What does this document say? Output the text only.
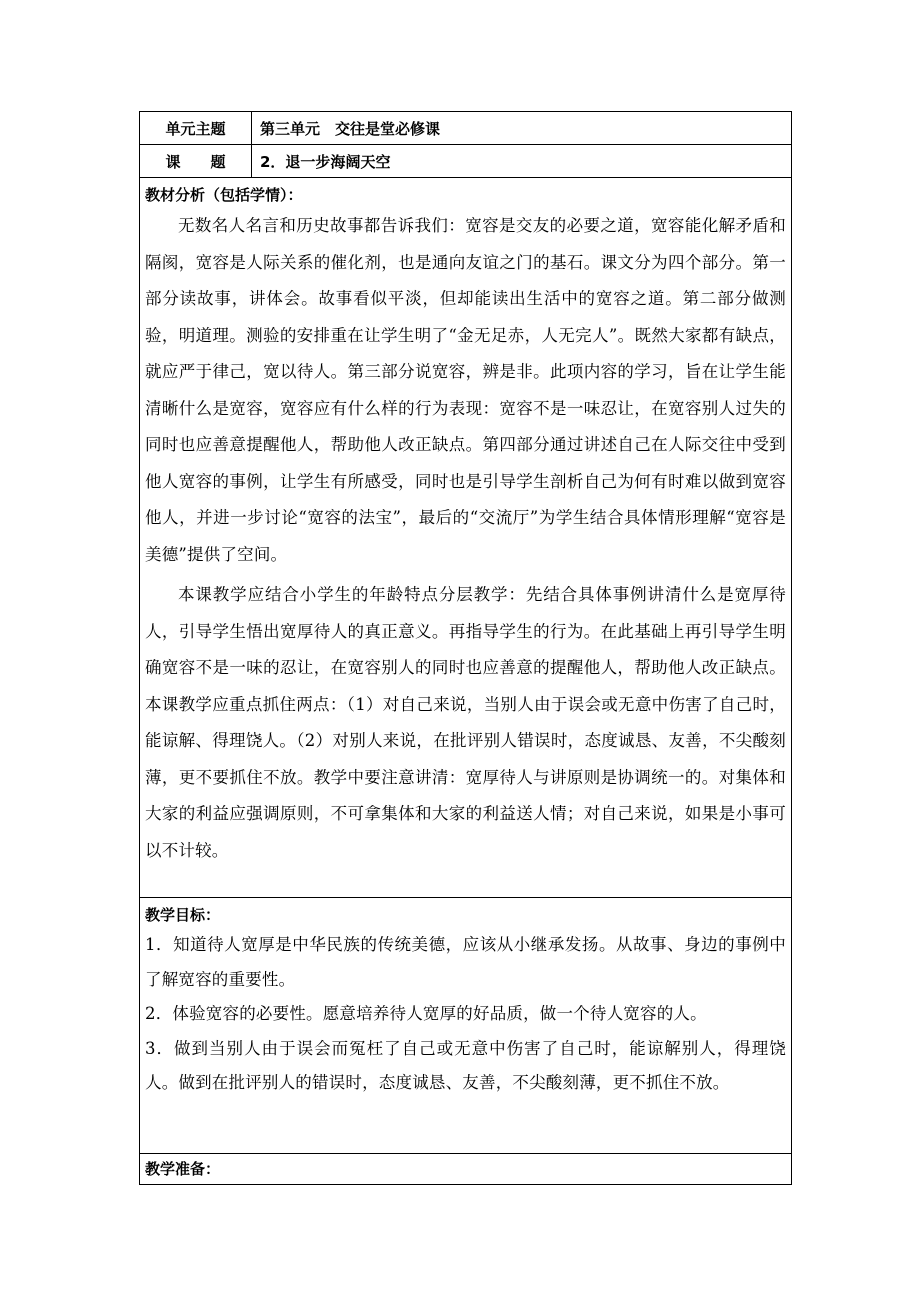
单元主题	第三单元　交往是堂必修课
课　　题	2．退一步海阔天空
教材分析（包括学情）：

无数名人名言和历史故事都告诉我们：宽容是交友的必要之道，宽容能化解矛盾和隔阂，宽容是人际关系的催化剂，也是通向友谊之门的基石。课文分为四个部分。第一部分读故事，讲体会。故事看似平淡，但却能读出生活中的宽容之道。第二部分做测验，明道理。测验的安排重在让学生明了“金无足赤，人无完人”。既然大家都有缺点，就应严于律己，宽以待人。第三部分说宽容，辨是非。此项内容的学习，旨在让学生能清晰什么是宽容，宽容应有什么样的行为表现：宽容不是一味忍让，在宽容别人过失的同时也应善意提醒他人，帮助他人改正缺点。第四部分通过讲述自己在人际交往中受到他人宽容的事例，让学生有所感受，同时也是引导学生剖析自己为何有时难以做到宽容他人，并进一步讨论“宽容的法宝”，最后的“交流厅”为学生结合具体情形理解“宽容是美德”提供了空间。

本课教学应结合小学生的年龄特点分层教学：先结合具体事例讲清什么是宽厚待人，引导学生悟出宽厚待人的真正意义。再指导学生的行为。在此基础上再引导学生明确宽容不是一味的忍让，在宽容别人的同时也应善意的提醒他人，帮助他人改正缺点。本课教学应重点抓住两点：（1）对自己来说，当别人由于误会或无意中伤害了自己时，能谅解、得理饶人。（2）对别人来说，在批评别人错误时，态度诚恳、友善，不尖酸刻薄，更不要抓住不放。教学中要注意讲清：宽厚待人与讲原则是协调统一的。对集体和大家的利益应强调原则，不可拿集体和大家的利益送人情；对自己来说，如果是小事可以不计较。

教学目标：

1．知道待人宽厚是中华民族的传统美德，应该从小继承发扬。从故事、身边的事例中了解宽容的重要性。

2．体验宽容的必要性。愿意培养待人宽厚的好品质，做一个待人宽容的人。

3．做到当别人由于误会而冤枉了自己或无意中伤害了自己时，能谅解别人，得理饶人。做到在批评别人的错误时，态度诚恳、友善，不尖酸刻薄，更不抓住不放。

教学准备：
